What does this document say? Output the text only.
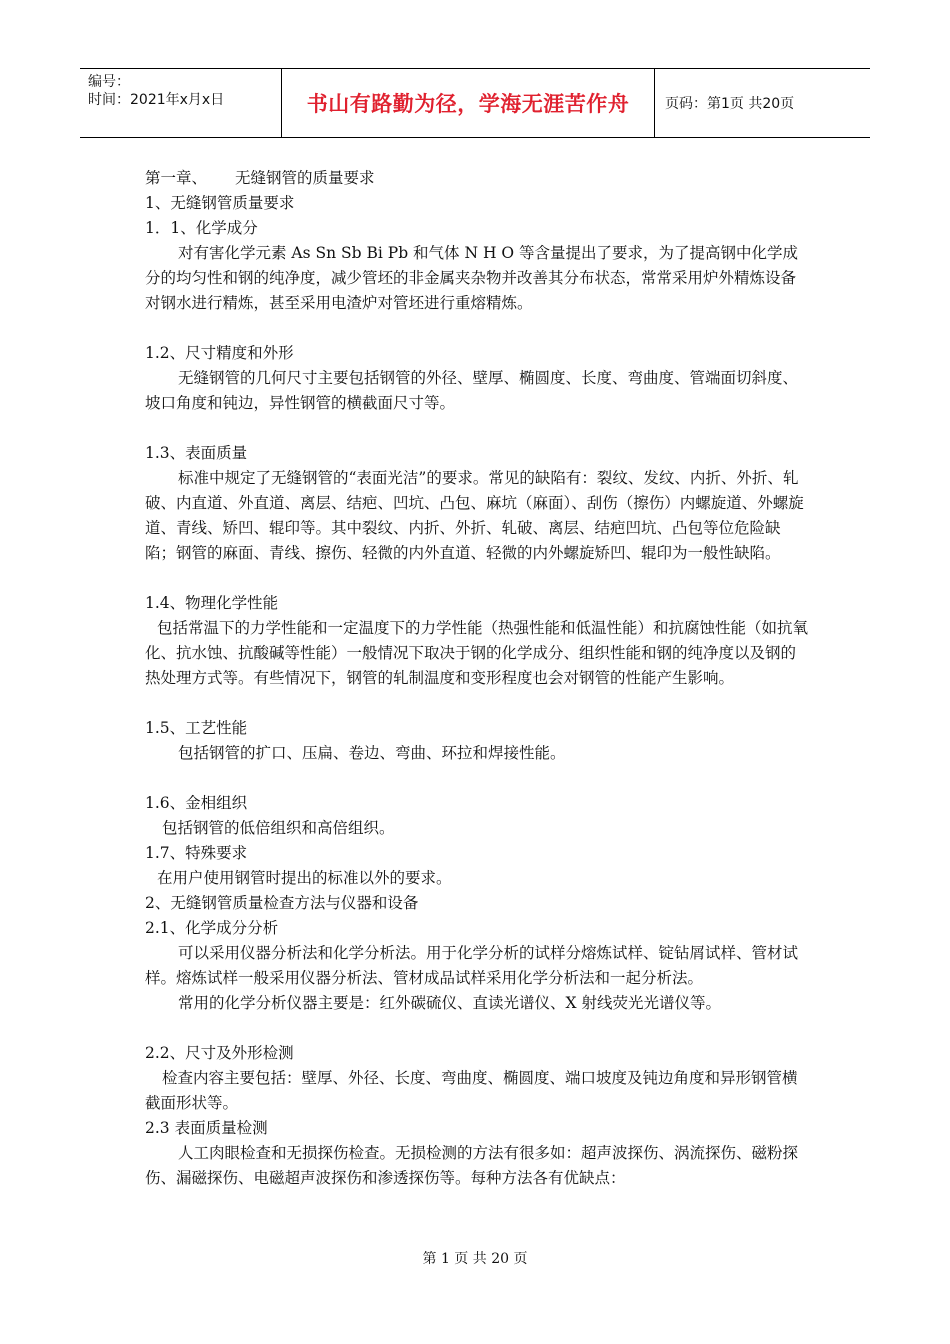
编号：
时间：2021年x月x日	书山有路勤为径，学海无涯苦作舟	页码：第1页 共20页

第一章、 无缝钢管的质量要求

1、无缝钢管质量要求

1．1、化学成分

对有害化学元素 As Sn Sb Bi Pb 和气体 N H O 等含量提出了要求，为了提高钢中化学成分的均匀性和钢的纯净度，减少管坯的非金属夹杂物并改善其分布状态，常常采用炉外精炼设备对钢水进行精炼，甚至采用电渣炉对管坯进行重熔精炼。

1.2、尺寸精度和外形

无缝钢管的几何尺寸主要包括钢管的外径、壁厚、椭圆度、长度、弯曲度、管端面切斜度、坡口角度和钝边，异性钢管的横截面尺寸等。

1.3、表面质量

标准中规定了无缝钢管的“表面光洁”的要求。常见的缺陷有：裂纹、发纹、内折、外折、轧破、内直道、外直道、离层、结疤、凹坑、凸包、麻坑（麻面）、刮伤（擦伤）内螺旋道、外螺旋道、青线、矫凹、辊印等。其中裂纹、内折、外折、轧破、离层、结疤凹坑、凸包等位危险缺陷；钢管的麻面、青线、擦伤、轻微的内外直道、轻微的内外螺旋矫凹、辊印为一般性缺陷。

1.4、物理化学性能

包括常温下的力学性能和一定温度下的力学性能（热强性能和低温性能）和抗腐蚀性能（如抗氧化、抗水蚀、抗酸碱等性能）一般情况下取决于钢的化学成分、组织性能和钢的纯净度以及钢的热处理方式等。有些情况下，钢管的轧制温度和变形程度也会对钢管的性能产生影响。

1.5、工艺性能

包括钢管的扩口、压扁、卷边、弯曲、环拉和焊接性能。

1.6、金相组织

包括钢管的低倍组织和高倍组织。

1.7、特殊要求

在用户使用钢管时提出的标准以外的要求。

2、无缝钢管质量检查方法与仪器和设备

2.1、化学成分分析

可以采用仪器分析法和化学分析法。用于化学分析的试样分熔炼试样、锭钻屑试样、管材试样。熔炼试样一般采用仪器分析法、管材成品试样采用化学分析法和一起分析法。

常用的化学分析仪器主要是：红外碳硫仪、直读光谱仪、X 射线荧光光谱仪等。

2.2、尺寸及外形检测

检查内容主要包括：壁厚、外径、长度、弯曲度、椭圆度、端口坡度及钝边角度和异形钢管横截面形状等。

2.3 表面质量检测

人工肉眼检查和无损探伤检查。无损检测的方法有很多如：超声波探伤、涡流探伤、磁粉探伤、漏磁探伤、电磁超声波探伤和渗透探伤等。每种方法各有优缺点：

第 1 页 共 20 页
